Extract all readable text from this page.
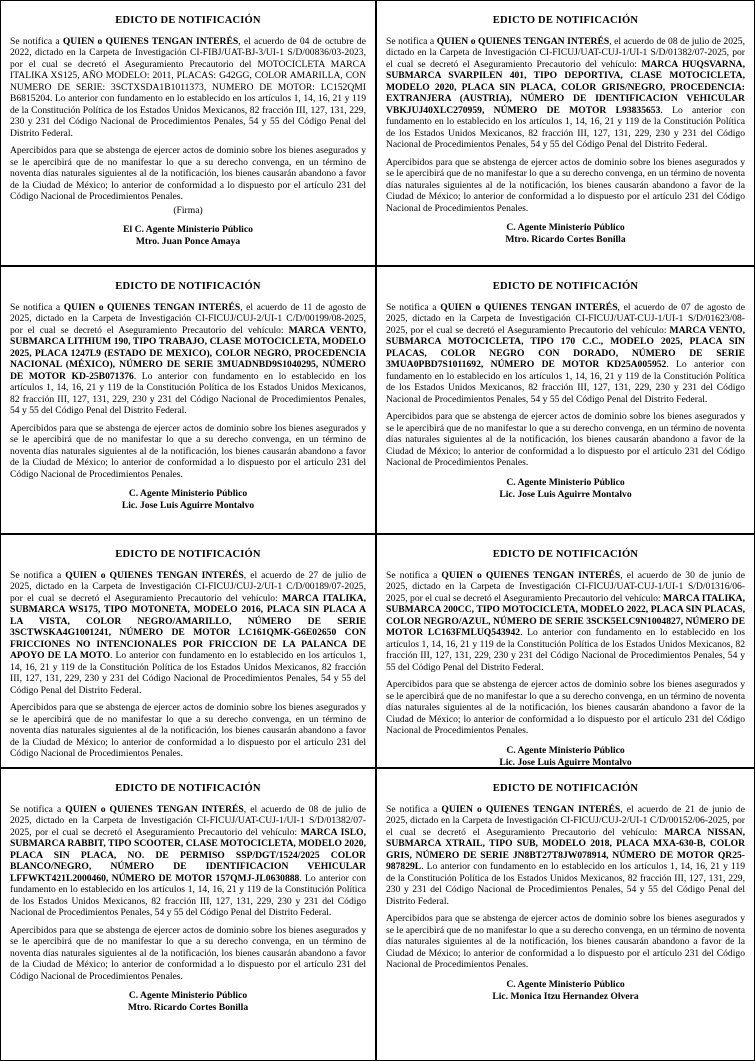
EDICTO DE NOTIFICACIÓN

Se notifica a QUIEN o QUIENES TENGAN INTERÉS, el acuerdo de 04 de octubre de 2022, dictado en la Carpeta de Investigación CI-FIBJ/UAT-BJ-3/UI-1 S/D/00836/03-2023, por el cual se decretó el Aseguramiento Precautorio del MOTOCICLETA MARCA ITALIKA XS125, AÑO MODELO: 2011, PLACAS: G42GG, COLOR AMARILLA, CON NUMERO DE SERIE: 3SCTXSDA1B1011373, NUMERO DE MOTOR: LC152QMI B6815204. Lo anterior con fundamento en lo establecido en los artículos 1, 14, 16, 21 y 119 de la Constitución Política de los Estados Unidos Mexicanos, 82 fracción III, 127, 131, 229, 230 y 231 del Código Nacional de Procedimientos Penales, 54 y 55 del Código Penal del Distrito Federal.

Apercibidos para que se abstenga de ejercer actos de dominio sobre los bienes asegurados y se le apercibirá que de no manifestar lo que a su derecho convenga, en un término de noventa días naturales siguientes al de la notificación, los bienes causarán abandono a favor de la Ciudad de México; lo anterior de conformidad a lo dispuesto por el artículo 231 del Código Nacional de Procedimientos Penales.

(Firma)
El C. Agente Ministerio Público
Mtro. Juan Ponce Amaya
EDICTO DE NOTIFICACIÓN

Se notifica a QUIEN o QUIENES TENGAN INTERÉS, el acuerdo de 08 de julio de 2025, dictado en la Carpeta de Investigación CI-FICUJ/UAT-CUJ-1/UI-1 S/D/01382/07-2025, por el cual se decretó el Aseguramiento Precautorio del vehículo: MARCA HUQSVARNA, SUBMARCA SVARPILEN 401, TIPO DEPORTIVA, CLASE MOTOCICLETA, MODELO 2020, PLACA SIN PLACA, COLOR GRIS/NEGRO, PROCEDENCIA: EXTRANJERA (AUSTRIA), NÚMERO DE IDENTIFICACION VEHICULAR VBKJUJ40XLC270959, NÚMERO DE MOTOR L93835653. Lo anterior con fundamento en lo establecido en los artículos 1, 14, 16, 21 y 119 de la Constitución Política de los Estados Unidos Mexicanos, 82 fracción III, 127, 131, 229, 230 y 231 del Código Nacional de Procedimientos Penales, 54 y 55 del Código Penal del Distrito Federal.

Apercibidos para que se abstenga de ejercer actos de dominio sobre los bienes asegurados y se le apercibirá que de no manifestar lo que a su derecho convenga, en un término de noventa días naturales siguientes al de la notificación, los bienes causarán abandono a favor de la Ciudad de México; lo anterior de conformidad a lo dispuesto por el artículo 231 del Código Nacional de Procedimientos Penales.

C. Agente Ministerio Público
Mtro. Ricardo Cortes Bonilla
EDICTO DE NOTIFICACIÓN

Se notifica a QUIEN o QUIENES TENGAN INTERÉS, el acuerdo de 11 de agosto de 2025, dictado en la Carpeta de Investigación CI-FICUJ/CUJ-2/UI-1 C/D/00199/08-2025, por el cual se decretó el Aseguramiento Precautorio del vehículo: MARCA VENTO, SUBMARCA LITHIUM 190, TIPO TRABAJO, CLASE MOTOCICLETA, MODELO 2025, PLACA 1247L9 (ESTADO DE MEXICO), COLOR NEGRO, PROCEDENCIA NACIONAL (MÉXICO), NÚMERO DE SERIE 3MUADNBD9S1040295, NÚMERO DE MOTOR KD-25B071376. Lo anterior con fundamento en lo establecido en los artículos 1, 14, 16, 21 y 119 de la Constitución Política de los Estados Unidos Mexicanos, 82 fracción III, 127, 131, 229, 230 y 231 del Código Nacional de Procedimientos Penales, 54 y 55 del Código Penal del Distrito Federal.

Apercibidos para que se abstenga de ejercer actos de dominio sobre los bienes asegurados y se le apercibirá que de no manifestar lo que a su derecho convenga, en un término de noventa días naturales siguientes al de la notificación, los bienes causarán abandono a favor de la Ciudad de México; lo anterior de conformidad a lo dispuesto por el artículo 231 del Código Nacional de Procedimientos Penales.

C. Agente Ministerio Público
Lic. Jose Luis Aguirre Montalvo
EDICTO DE NOTIFICACIÓN

Se notifica a QUIEN o QUIENES TENGAN INTERÉS, el acuerdo de 07 de agosto de 2025, dictado en la Carpeta de Investigación CI-FICUJ/UAT-CUJ-1/UI-1 S/D/01623/08-2025, por el cual se decretó el Aseguramiento Precautorio del vehículo: MARCA VENTO, SUBMARCA MOTOCICLETA, TIPO 170 C.C., MODELO 2025, PLACA SIN PLACAS, COLOR NEGRO CON DORADO, NÚMERO DE SERIE 3MUA0PBD7S1011692, NÚMERO DE MOTOR KD25A005952. Lo anterior con fundamento en lo establecido en los artículos 1, 14, 16, 21 y 119 de la Constitución Política de los Estados Unidos Mexicanos, 82 fracción III, 127, 131, 229, 230 y 231 del Código Nacional de Procedimientos Penales, 54 y 55 del Código Penal del Distrito Federal.

Apercibidos para que se abstenga de ejercer actos de dominio sobre los bienes asegurados y se le apercibirá que de no manifestar lo que a su derecho convenga, en un término de noventa días naturales siguientes al de la notificación, los bienes causarán abandono a favor de la Ciudad de México; lo anterior de conformidad a lo dispuesto por el artículo 231 del Código Nacional de Procedimientos Penales.

C. Agente Ministerio Público
Lic. Jose Luis Aguirre Montalvo
EDICTO DE NOTIFICACIÓN

Se notifica a QUIEN o QUIENES TENGAN INTERÉS, el acuerdo de 27 de julio de 2025, dictado en la Carpeta de Investigación CI-FICUJ/CUJ-2/UI-1 C/D/00189/07-2025, por el cual se decretó el Aseguramiento Precautorio del vehículo: MARCA ITALIKA, SUBMARCA WS175, TIPO MOTONETA, MODELO 2016, PLACA SIN PLACA A LA VISTA, COLOR NEGRO/AMARILLO, NÚMERO DE SERIE 3SCTWSKA4G1001241, NÚMERO DE MOTOR LC161QMK-G6E02650 CON FRICCIONES NO INTENCIONALES POR FRICCION DE LA PALANCA DE APOYO DE LA MOTO. Lo anterior con fundamento en lo establecido en los artículos 1, 14, 16, 21 y 119 de la Constitución Política de los Estados Unidos Mexicanos, 82 fracción III, 127, 131, 229, 230 y 231 del Código Nacional de Procedimientos Penales, 54 y 55 del Código Penal del Distrito Federal.

Apercibidos para que se abstenga de ejercer actos de dominio sobre los bienes asegurados y se le apercibirá que de no manifestar lo que a su derecho convenga, en un término de noventa días naturales siguientes al de la notificación, los bienes causarán abandono a favor de la Ciudad de México; lo anterior de conformidad a lo dispuesto por el artículo 231 del Código Nacional de Procedimientos Penales.

EDICTO DE NOTIFICACIÓN

Se notifica a QUIEN o QUIENES TENGAN INTERÉS, el acuerdo de 30 de junio de 2025, dictado en la Carpeta de Investigación CI-FICUJ/UAT-CUJ-1/UI-1 S/D/01316/06-2025, por el cual se decretó el Aseguramiento Precautorio del vehículo: MARCA ITALIKA, SUBMARCA 200CC, TIPO MOTOCICLETA, MODELO 2022, PLACA SIN PLACAS, COLOR NEGRO/AZUL, NÚMERO DE SERIE 3SCK5ELC9N1004827, NÚMERO DE MOTOR LC163FMLUQ543942. Lo anterior con fundamento en lo establecido en los artículos 1, 14, 16, 21 y 119 de la Constitución Política de los Estados Unidos Mexicanos, 82 fracción III, 127, 131, 229, 230 y 231 del Código Nacional de Procedimientos Penales, 54 y 55 del Código Penal del Distrito Federal.

Apercibidos para que se abstenga de ejercer actos de dominio sobre los bienes asegurados y se le apercibirá que de no manifestar lo que a su derecho convenga, en un término de noventa días naturales siguientes al de la notificación, los bienes causarán abandono a favor de la Ciudad de México; lo anterior de conformidad a lo dispuesto por el artículo 231 del Código Nacional de Procedimientos Penales.

C. Agente Ministerio Público
Lic. Jose Luis Aguirre Montalvo
EDICTO DE NOTIFICACIÓN

Se notifica a QUIEN o QUIENES TENGAN INTERÉS, el acuerdo de 08 de julio de 2025, dictado en la Carpeta de Investigación CI-FICUJ/UAT-CUJ-1/UI-1 S/D/01382/07-2025, por el cual se decretó el Aseguramiento Precautorio del vehículo: MARCA ISLO, SUBMARCA RABBIT, TIPO SCOOTER, CLASE MOTOCICLETA, MODELO 2020, PLACA SIN PLACA, NO. DE PERMISO SSP/DGT/1524/2025 COLOR BLANCO/NEGRO, NÚMERO DE IDENTIFICACION VEHICULAR LFFWKT421L2000460, NÚMERO DE MOTOR 157QMJ-JL0630888. Lo anterior con fundamento en lo establecido en los artículos 1, 14, 16, 21 y 119 de la Constitución Política de los Estados Unidos Mexicanos, 82 fracción III, 127, 131, 229, 230 y 231 del Código Nacional de Procedimientos Penales, 54 y 55 del Código Penal del Distrito Federal.

Apercibidos para que se abstenga de ejercer actos de dominio sobre los bienes asegurados y se le apercibirá que de no manifestar lo que a su derecho convenga, en un término de noventa días naturales siguientes al de la notificación, los bienes causarán abandono a favor de la Ciudad de México; lo anterior de conformidad a lo dispuesto por el artículo 231 del Código Nacional de Procedimientos Penales.

C. Agente Ministerio Público
Mtro. Ricardo Cortes Bonilla
EDICTO DE NOTIFICACIÓN

Se notifica a QUIEN o QUIENES TENGAN INTERÉS, el acuerdo de 21 de junio de 2025, dictado en la Carpeta de Investigación CI-FICUJ/CUJ-2/UI-1 C/D/00152/06-2025, por el cual se decretó el Aseguramiento Precautorio del vehículo: MARCA NISSAN, SUBMARCA XTRAIL, TIPO SUB, MODELO 2018, PLACA MXA-630-B, COLOR GRIS, NÚMERO DE SERIE JN8BT27T8JW078914, NÚMERO DE MOTOR QR25-987829L. Lo anterior con fundamento en lo establecido en los artículos 1, 14, 16, 21 y 119 de la Constitución Política de los Estados Unidos Mexicanos, 82 fracción III, 127, 131, 229, 230 y 231 del Código Nacional de Procedimientos Penales, 54 y 55 del Código Penal del Distrito Federal.

Apercibidos para que se abstenga de ejercer actos de dominio sobre los bienes asegurados y se le apercibirá que de no manifestar lo que a su derecho convenga, en un término de noventa días naturales siguientes al de la notificación, los bienes causarán abandono a favor de la Ciudad de México; lo anterior de conformidad a lo dispuesto por el artículo 231 del Código Nacional de Procedimientos Penales.

C. Agente Ministerio Público
Lic. Monica Itzu Hernandez Olvera
